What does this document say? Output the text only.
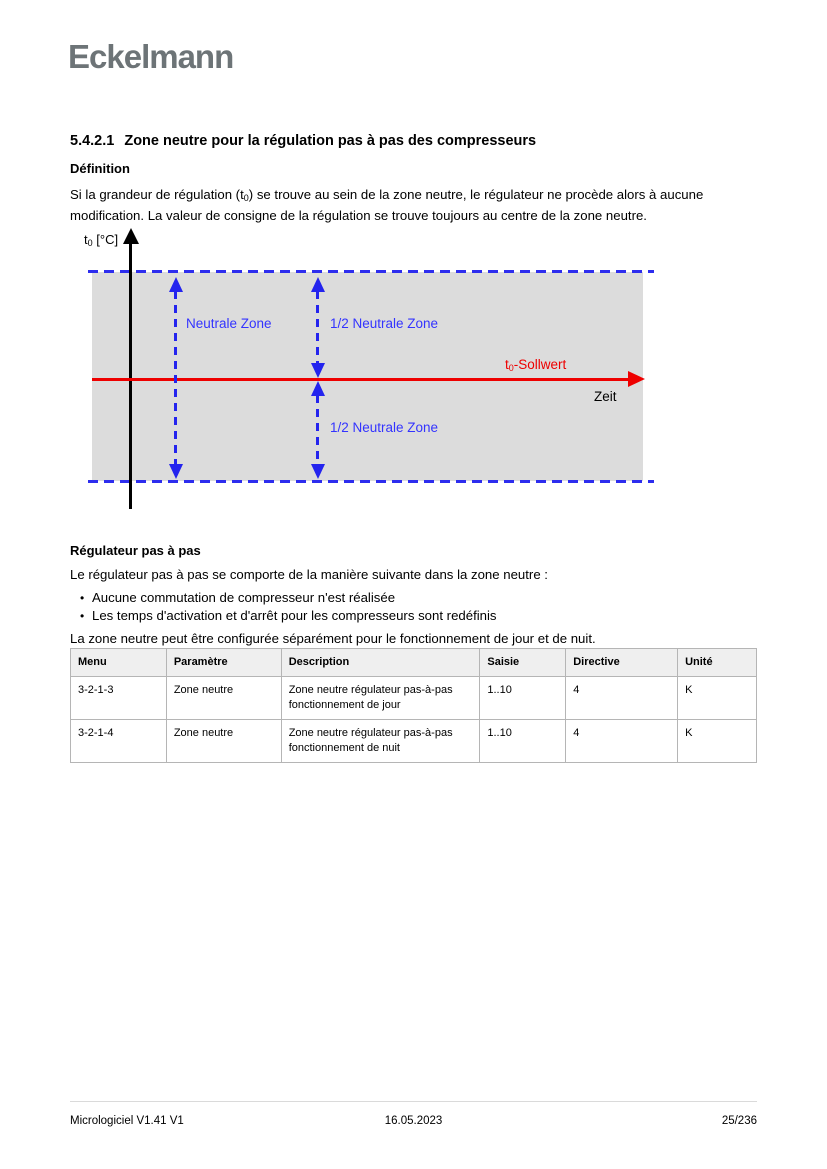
Eckelmann
5.4.2.1 Zone neutre pour la régulation pas à pas des compresseurs
Définition
Si la grandeur de régulation $(t_0)$ se trouve au sein de la zone neutre, le régulateur ne procède alors à aucune modification. La valeur de consigne de la régulation se trouve toujours au centre de la zone neutre.
$t_0$ [°C]
Neutrale Zone	1/2 Neutrale Zone
1/2 Neutrale Zone
$t_0$-Sollwert
Zeit
Régulateur pas à pas
Le régulateur pas à pas se comporte de la manière suivante dans la zone neutre :
• Aucune commutation de compresseur n'est réalisée
• Les temps d'activation et d'arrêt pour les compresseurs sont redéfinis
La zone neutre peut être configurée séparément pour le fonctionnement de jour et de nuit.
Menu	Paramètre	Description	Saisie	Directive	Unité
3-2-1-3	Zone neutre	Zone neutre régulateur pas-à-pas fonctionnement de jour	1..10	4	K
3-2-1-4	Zone neutre	Zone neutre régulateur pas-à-pas fonctionnement de nuit	1..10	4	K
Micrologiciel V1.41 V1	16.05.2023	25/236
